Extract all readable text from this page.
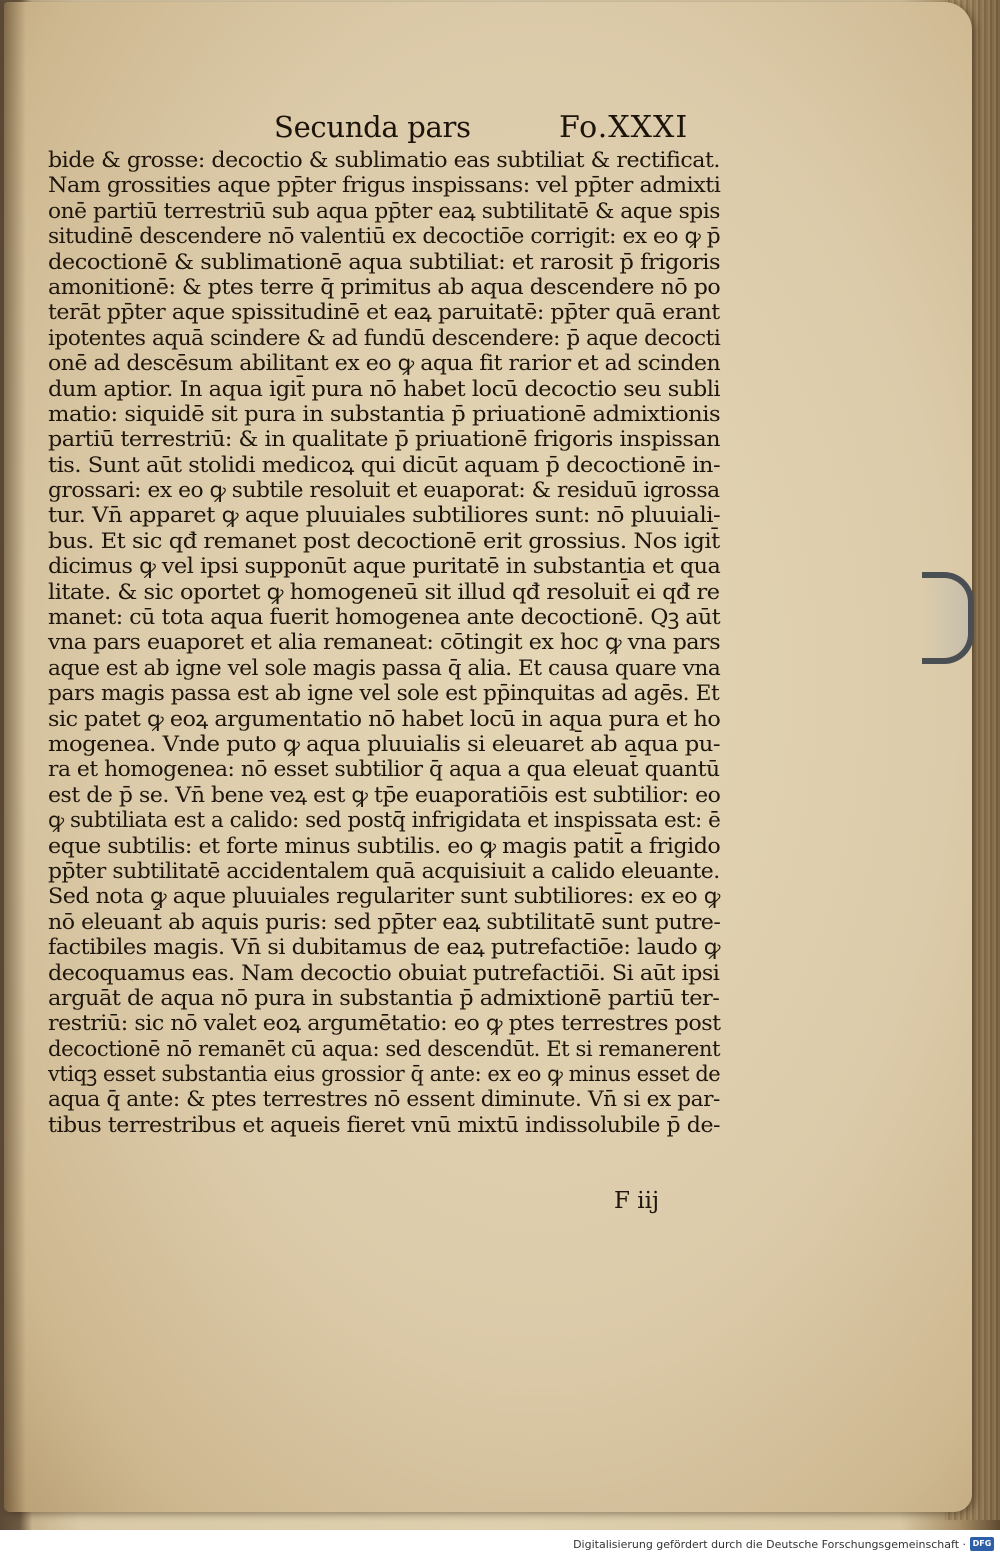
Secunda pars	Fo.XXXI
bide & grosse: decoctio & sublimatio eas subtiliat & rectificat.
Nam grossities aque pp̄ter frigus inspissans: vel pp̄ter admixti
onē partiū terrestriū sub aqua pp̄ter eaꝝ subtilitatē & aque spis
situdinē descendere nō valentiū ex decoctiōe corrigit: ex eo ꝙ p̄
decoctionē & sublimationē aqua subtiliat: et rarosit p̄ frigoris
amonitionē: & ptes terre q̄ primitus ab aqua descendere nō po
terāt pp̄ter aque spissitudinē et eaꝝ paruitatē: pp̄ter quā erant
ipotentes aquā scindere & ad fundū descendere: p̄ aque decocti
onē ad descēsum abilitant ex eo ꝙ aqua fit rarior et ad scinden
dum aptior. In aqua igit̄ pura nō habet locū decoctio seu subli
matio: siquidē sit pura in substantia p̄ priuationē admixtionis
partiū terrestriū: & in qualitate p̄ priuationē frigoris inspissan
tis. Sunt aūt stolidi medicoꝝ qui dicūt aquam p̄ decoctionē in-
grossari: ex eo ꝙ subtile resoluit et euaporat: & residuū igrossa
tur. Vn̄ apparet ꝙ aque pluuiales subtiliores sunt: nō pluuiali-
bus. Et sic qđ remanet post decoctionē erit grossius. Nos igit̄
dicimus ꝙ vel ipsi supponūt aque puritatē in substantia et qua
litate. & sic oportet ꝙ homogeneū sit illud qđ resoluit̄ ei qđ re
manet: cū tota aqua fuerit homogenea ante decoctionē. Qꝫ aūt
vna pars euaporet et alia remaneat: cōtingit ex hoc ꝙ vna pars
aque est ab igne vel sole magis passa q̄ alia. Et causa quare vna
pars magis passa est ab igne vel sole est pp̄inquitas ad agēs. Et
sic patet ꝙ eoꝝ argumentatio nō habet locū in aqua pura et ho
mogenea. Vnde puto ꝙ aqua pluuialis si eleuaret̄ ab aqua pu-
ra et homogenea: nō esset subtilior q̄ aqua a qua eleuat̄ quantū
est de p̄ se. Vn̄ bene veꝝ est ꝙ tp̄e euaporatiōis est subtilior: eo
ꝙ subtiliata est a calido: sed postq̄ infrigidata et inspissata est: ē
eque subtilis: et forte minus subtilis. eo ꝙ magis patit̄ a frigido
pp̄ter subtilitatē accidentalem quā acquisiuit a calido eleuante.
Sed nota ꝙ aque pluuiales regulariter sunt subtiliores: ex eo ꝙ
nō eleuant̄ ab aquis puris: sed pp̄ter eaꝝ subtilitatē sunt putre-
factibiles magis. Vn̄ si dubitamus de eaꝝ putrefactiōe: laudo ꝙ
decoquamus eas. Nam decoctio obuiat putrefactiōi. Si aūt ipsi
arguāt de aqua nō pura in substantia p̄ admixtionē partiū ter-
restriū: sic nō valet eoꝝ argumētatio: eo ꝙ ptes terrestres post
decoctionē nō remanēt cū aqua: sed descendūt. Et si remanerent
vtiqꝫ esset substantia eius grossior q̄ ante: ex eo ꝙ minus esset de
aqua q̄ ante: & ptes terrestres nō essent diminute. Vn̄ si ex par-
tibus terrestribus et aqueis fieret vnū mixtū indissolubile p̄ de-
F iij
Digitalisierung gefördert durch die Deutsche Forschungsgemeinschaft · DFG
